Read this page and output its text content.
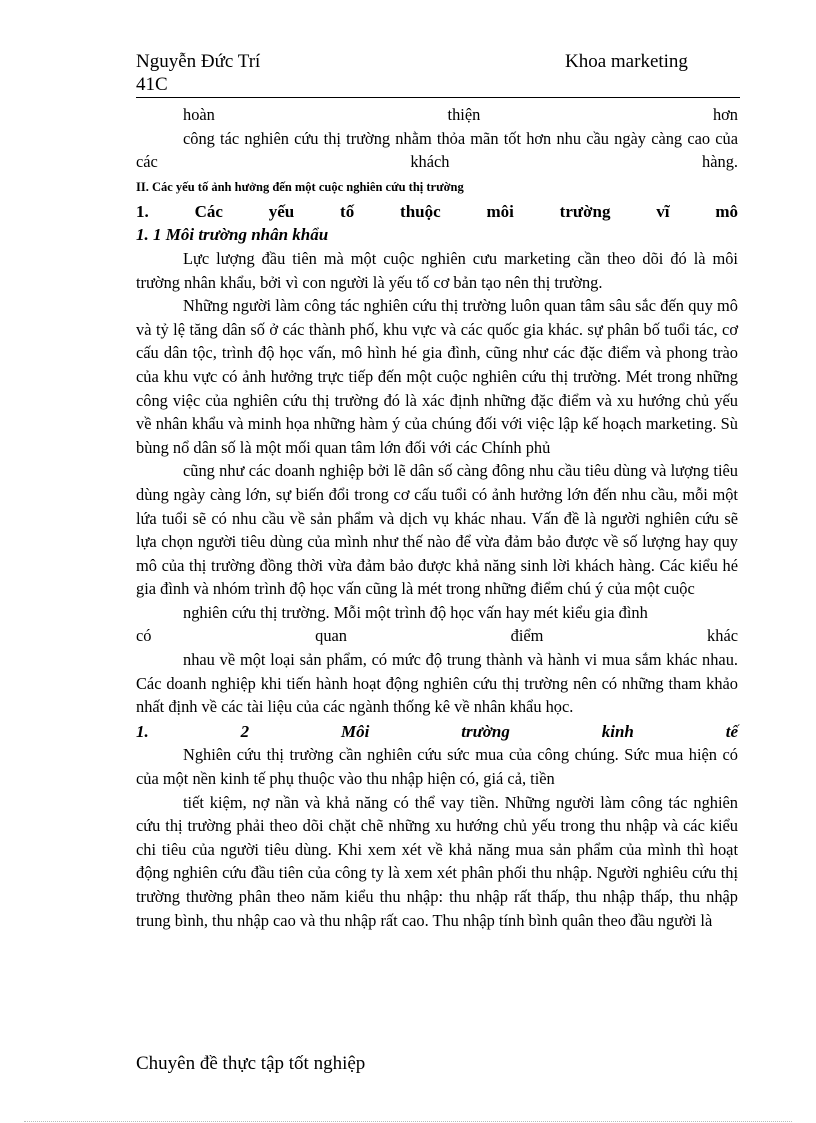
Nguyễn Đức Trí
41C
Khoa marketing

hoàn thiện hơn

công tác nghiên cứu thị trường nhằm thỏa mãn tốt hơn nhu cầu ngày càng cao của các khách hàng.

II. Các yếu tố ảnh hưởng đến một cuộc nghiên cứu thị trường

1. Các yếu tố thuộc môi trường vĩ mô

1. 1 Môi trường nhân khẩu

Lực lượng đầu tiên mà một cuộc nghiên cưu marketing cần theo dõi đó là môi trường nhân khẩu, bởi vì con người là yếu tố cơ bản tạo nên thị trường.

Những người làm công tác nghiên cứu thị trường luôn quan tâm sâu sắc đến quy mô và tỷ lệ tăng dân số ở các thành phố, khu vực và các quốc gia khác. sự phân bố tuổi tác, cơ cấu dân tộc, trình độ học vấn, mô hình hé gia đình, cũng như các đặc điểm và phong trào của khu vực có ảnh hưởng trực tiếp đến một cuộc nghiên cứu thị trường. Mét trong những công việc của nghiên cứu thị trường đó là xác định những đặc điểm và xu hướng chủ yếu về nhân khẩu và minh họa những hàm ý của chúng đối với việc lập kế hoạch marketing. Sù bùng nổ dân số là một mối quan tâm lớn đối với các Chính phủ

cũng như các doanh nghiệp bởi lẽ dân số càng đông nhu cầu tiêu dùng và lượng tiêu dùng ngày càng lớn, sự biến đổi trong cơ cấu tuổi có ảnh hưởng lớn đến nhu cầu, mỗi một lứa tuổi sẽ có nhu cầu về sản phẩm và dịch vụ khác nhau. Vấn đề là người nghiên cứu sẽ lựa chọn người tiêu dùng của mình như thế nào để vừa đảm bảo được về số lượng hay quy mô của thị trường đồng thời vừa đảm bảo được khả năng sinh lời khách hàng. Các kiểu hé gia đình và nhóm trình độ học vấn cũng là mét trong những điểm chú ý của một cuộc

nghiên cứu thị trường. Mỗi một trình độ học vấn hay mét kiểu gia đình

có quan điểm khác

nhau về một loại sản phẩm, có mức độ trung thành và hành vi mua sắm khác nhau. Các doanh nghiệp khi tiến hành hoạt động nghiên cứu thị trường nên có những tham khảo nhất định về các tài liệu của các ngành thống kê về nhân khẩu học.

1. 2 Môi trường kinh tế

Nghiên cứu thị trường cần nghiên cứu sức mua của công chúng. Sức mua hiện có của một nền kinh tế phụ thuộc vào thu nhập hiện có, giá cả, tiền

tiết kiệm, nợ nần và khả năng có thể vay tiền. Những người làm công tác nghiên cứu thị trường phải theo dõi chặt chẽ những xu hướng chủ yếu trong thu nhập và các kiểu chi tiêu của người tiêu dùng. Khi xem xét về khả năng mua sản phẩm của mình thì hoạt động nghiên cứu đầu tiên của công ty là xem xét phân phối thu nhập. Người nghiêu cứu thị trường thường phân theo năm kiểu thu nhập: thu nhập rất thấp, thu nhập thấp, thu nhập trung bình, thu nhập cao và thu nhập rất cao. Thu nhập tính bình quân theo đầu người là

Chuyên đề thực tập tốt nghiệp
